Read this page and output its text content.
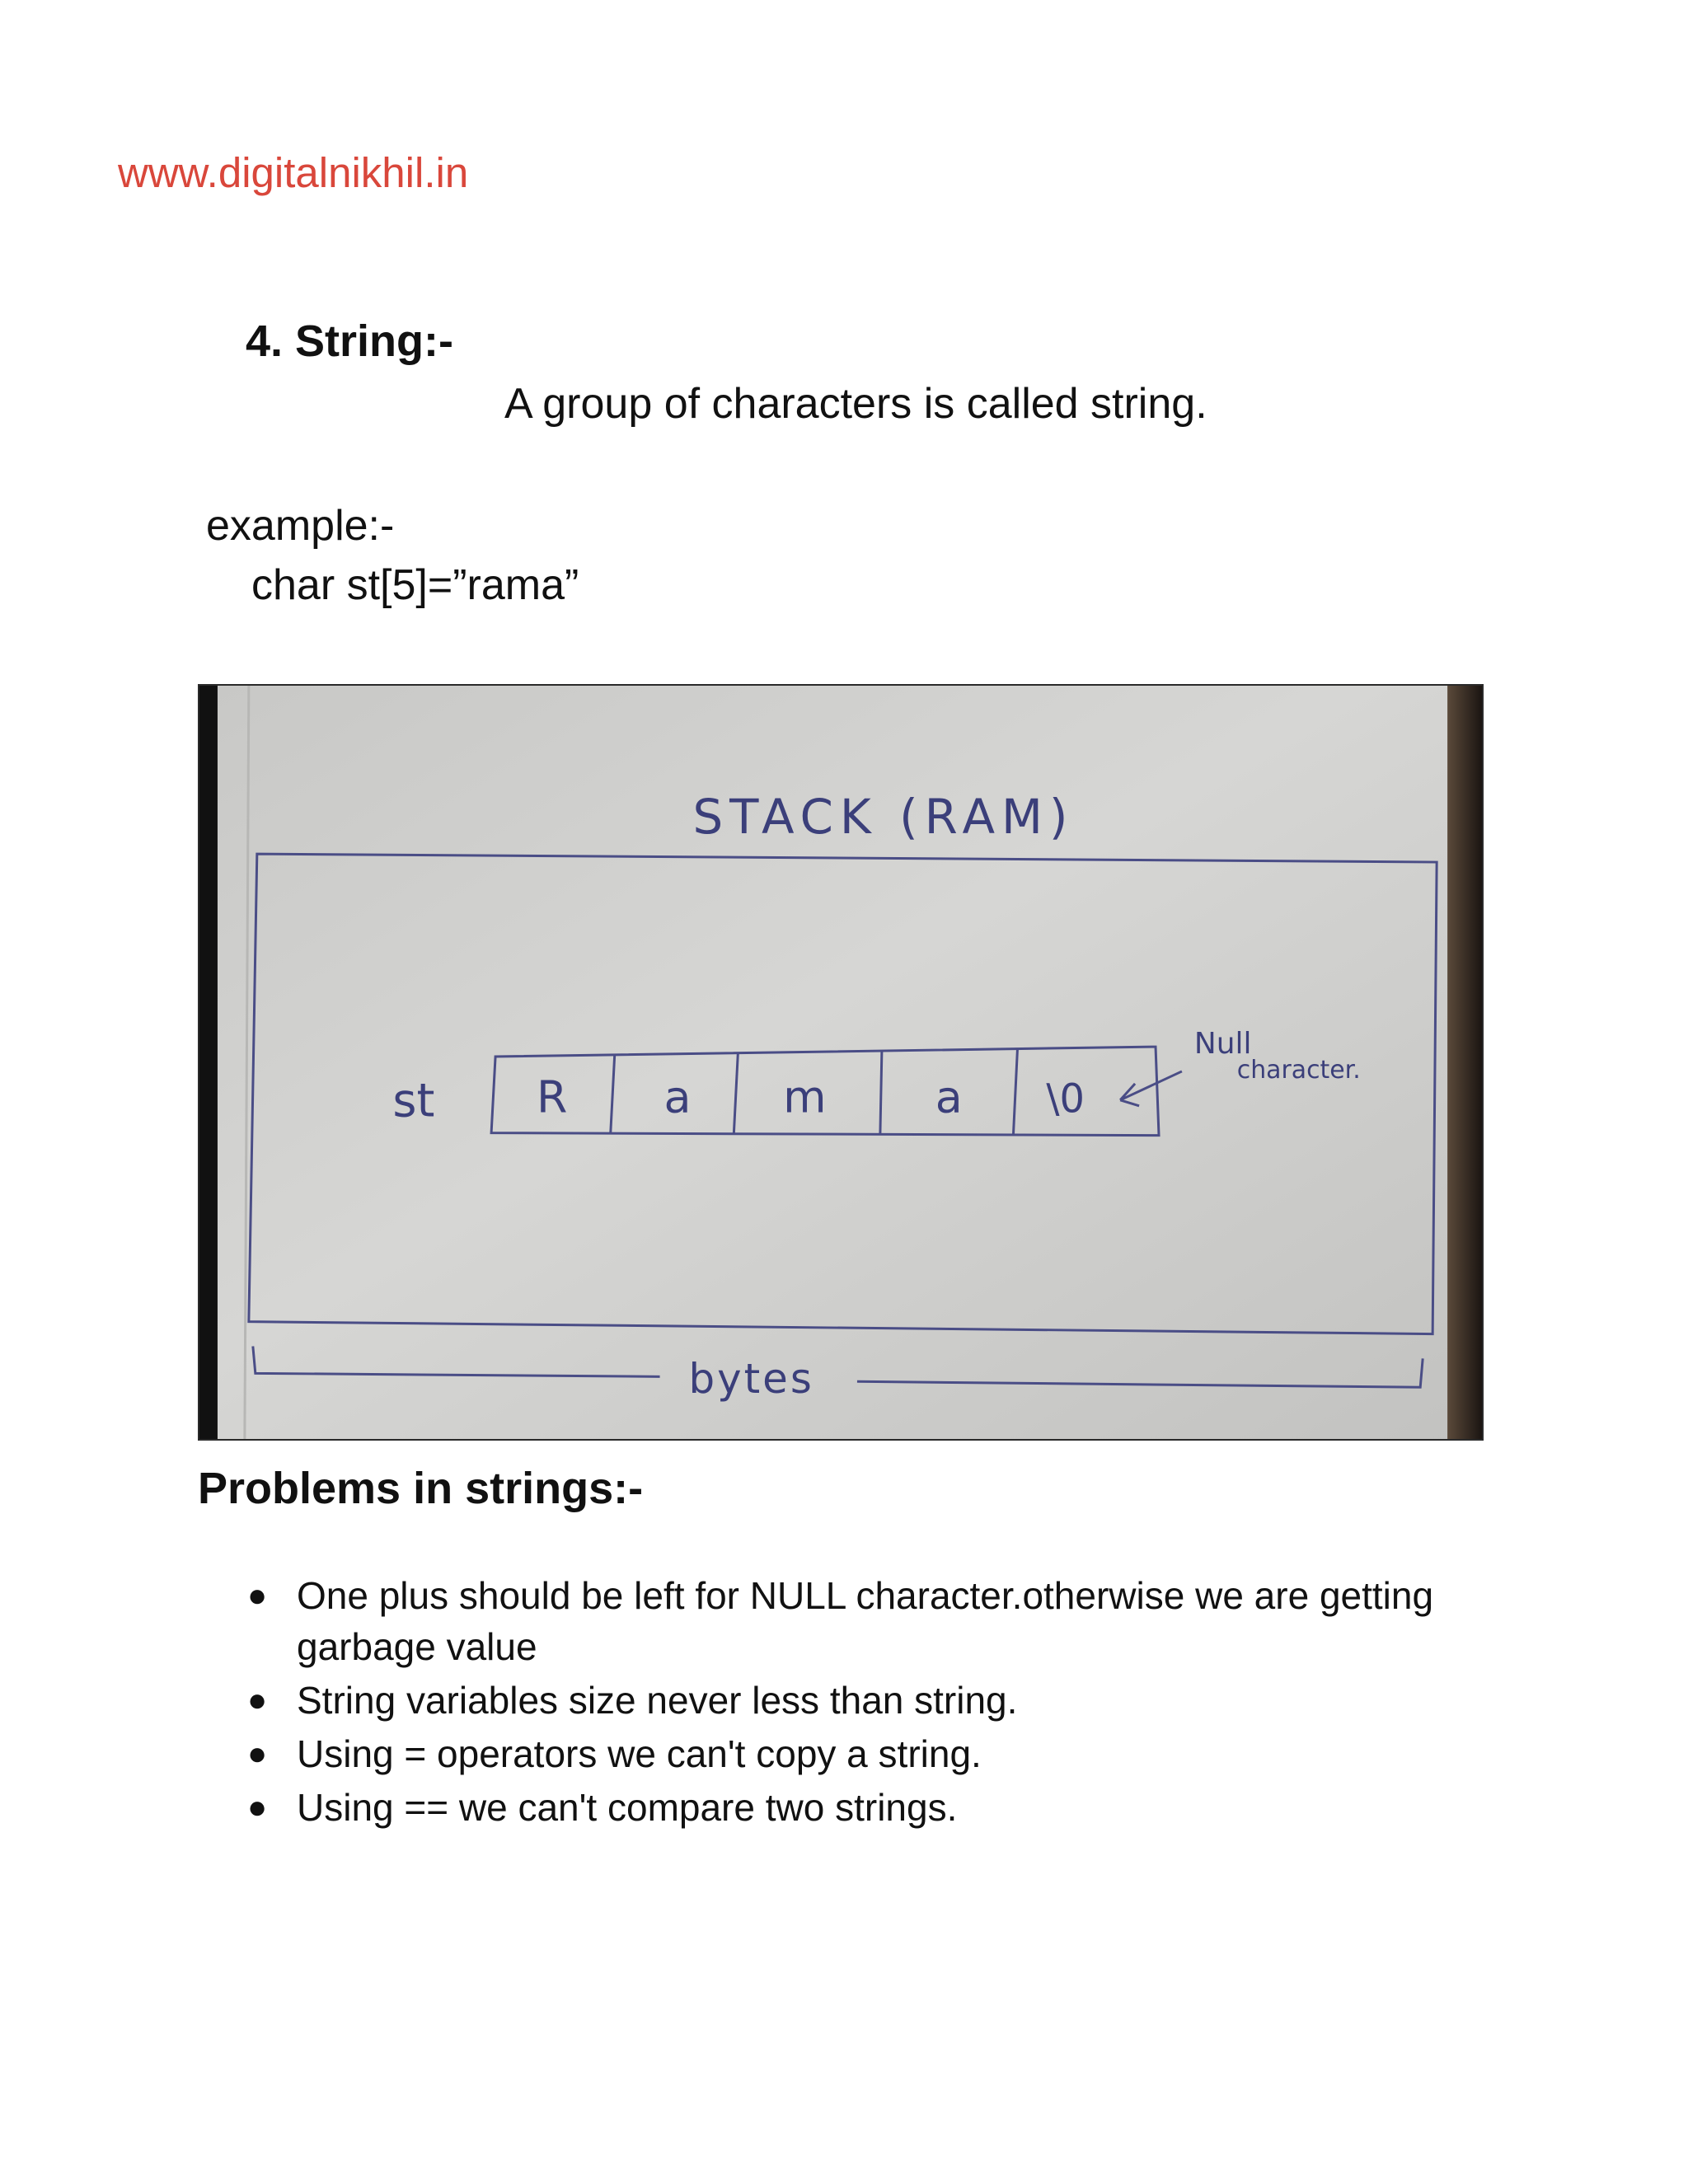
www.digitalnikhil.in
4. String:-
A group of characters is called string.
example:-
char st[5]=”rama”
STACK (RAM)
st R a m a \0
Null
character.
bytes
Problems in strings:-
● One plus should be left for NULL character.otherwise we are getting garbage value
● String variables size never less than string.
● Using = operators we can't copy a string.
● Using == we can't compare two strings.
